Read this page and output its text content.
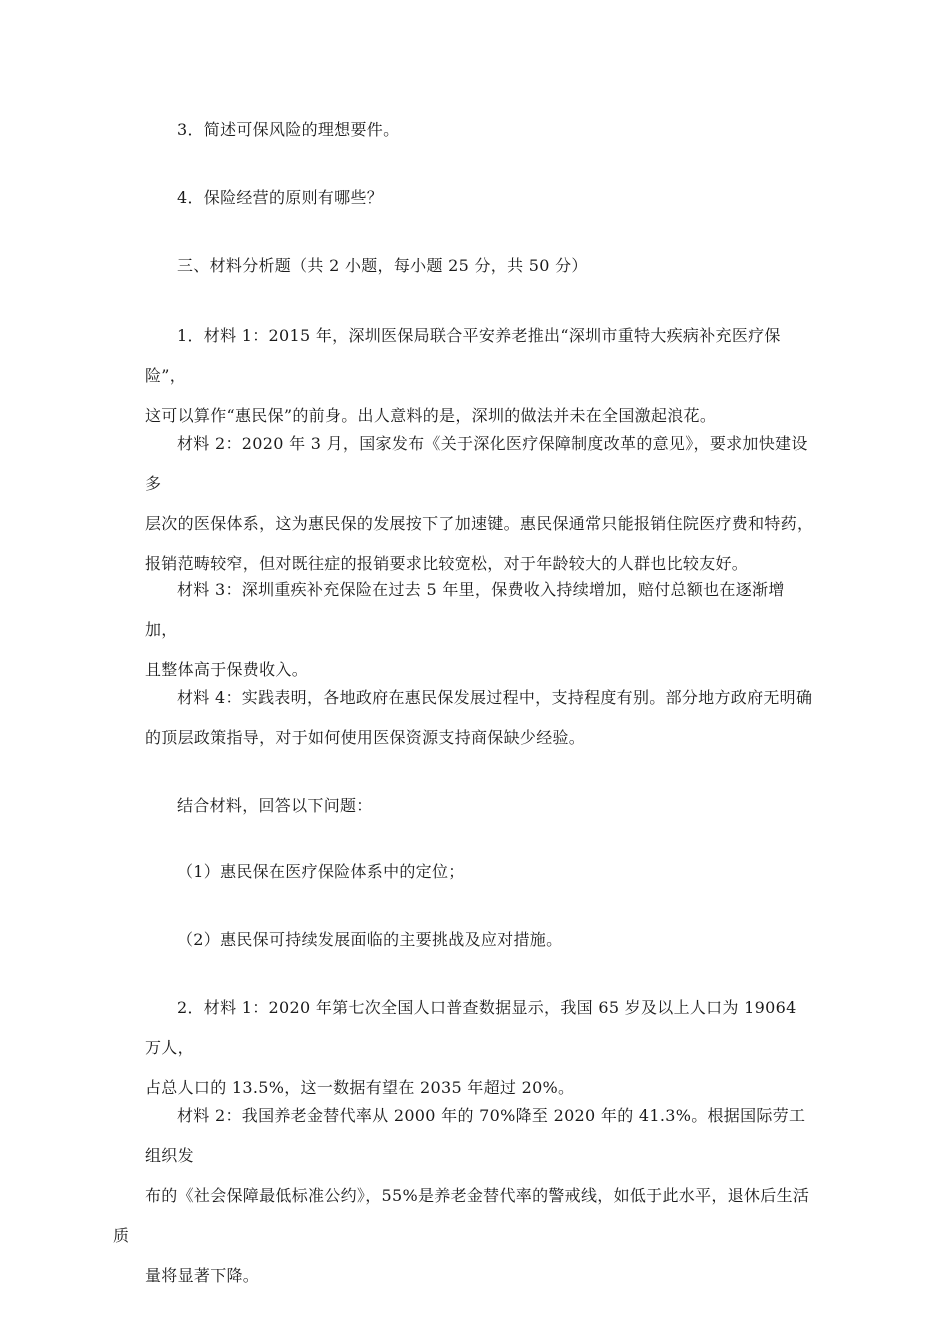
3．简述可保风险的理想要件。

4．保险经营的原则有哪些？

三、材料分析题（共 2 小题，每小题 25 分，共 50 分）

1．材料 1：2015 年，深圳医保局联合平安养老推出“深圳市重特大疾病补充医疗保险”，
这可以算作“惠民保”的前身。出人意料的是，深圳的做法并未在全国激起浪花。

材料 2：2020 年 3 月，国家发布《关于深化医疗保障制度改革的意见》，要求加快建设多
层次的医保体系，这为惠民保的发展按下了加速键。惠民保通常只能报销住院医疗费和特药，
报销范畴较窄，但对既往症的报销要求比较宽松，对于年龄较大的人群也比较友好。

材料 3：深圳重疾补充保险在过去 5 年里，保费收入持续增加，赔付总额也在逐渐增加，
且整体高于保费收入。

材料 4：实践表明，各地政府在惠民保发展过程中，支持程度有别。部分地方政府无明确
的顶层政策指导，对于如何使用医保资源支持商保缺少经验。

结合材料，回答以下问题：

（1）惠民保在医疗保险体系中的定位；

（2）惠民保可持续发展面临的主要挑战及应对措施。

2．材料 1：2020 年第七次全国人口普查数据显示，我国 65 岁及以上人口为 19064 万人，
占总人口的 13.5%，这一数据有望在 2035 年超过 20%。

材料 2：我国养老金替代率从 2000 年的 70%降至 2020 年的 41.3%。根据国际劳工组织发
布的《社会保障最低标准公约》，55%是养老金替代率的警戒线，如低于此水平，退休后生活质
量将显著下降。
